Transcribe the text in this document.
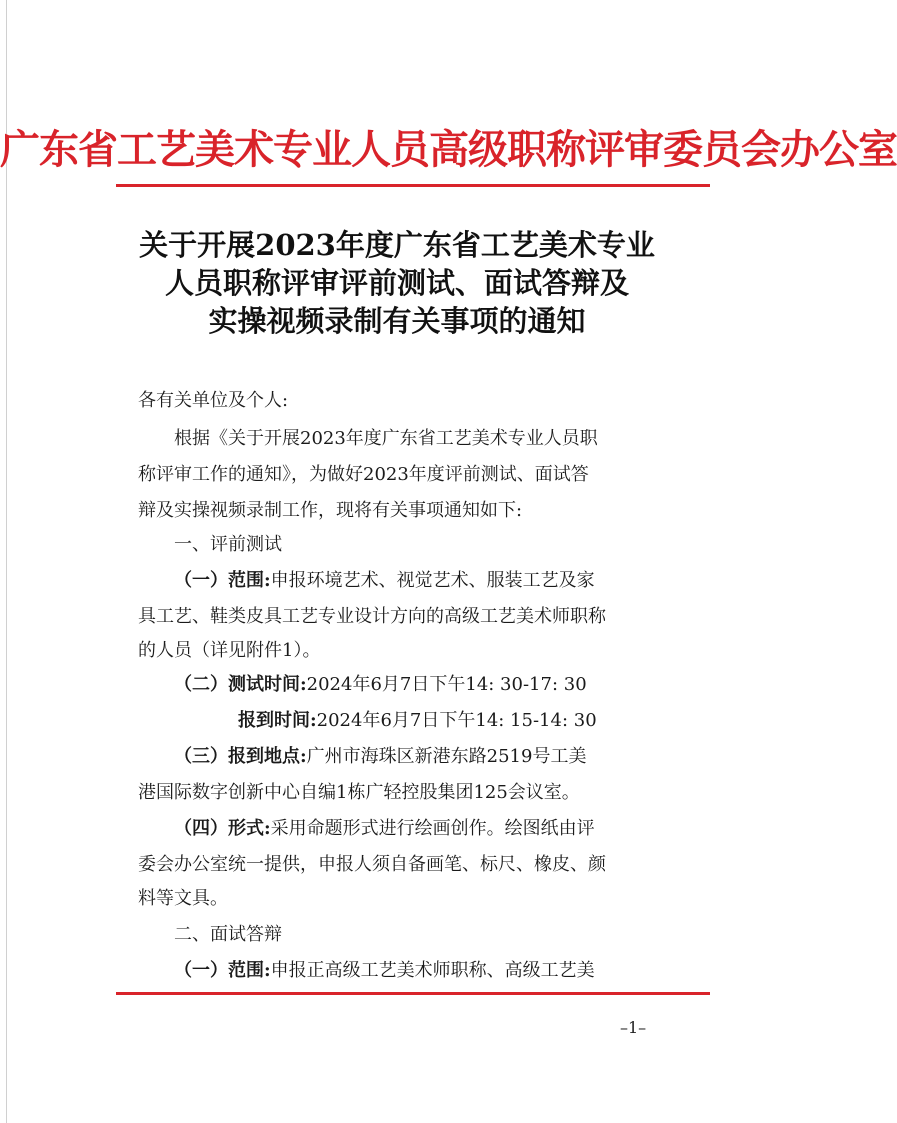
广东省工艺美术专业人员高级职称评审委员会办公室
关于开展2023年度广东省工艺美术专业
人员职称评审评前测试、面试答辩及
实操视频录制有关事项的通知
各有关单位及个人:
根据《关于开展2023年度广东省工艺美术专业人员职
称评审工作的通知》，为做好2023年度评前测试、面试答
辩及实操视频录制工作，现将有关事项通知如下:
一、评前测试
（一）范围:申报环境艺术、视觉艺术、服装工艺及家
具工艺、鞋类皮具工艺专业设计方向的高级工艺美术师职称
的人员（详见附件1）。
（二）测试时间:2024年6月7日下午14: 30-17: 30
报到时间:2024年6月7日下午14: 15-14: 30
（三）报到地点:广州市海珠区新港东路2519号工美
港国际数字创新中心自编1栋广轻控股集团125会议室。
（四）形式:采用命题形式进行绘画创作。绘图纸由评
委会办公室统一提供，申报人须自备画笔、标尺、橡皮、颜
料等文具。
二、面试答辩
（一）范围:申报正高级工艺美术师职称、高级工艺美
–1–
